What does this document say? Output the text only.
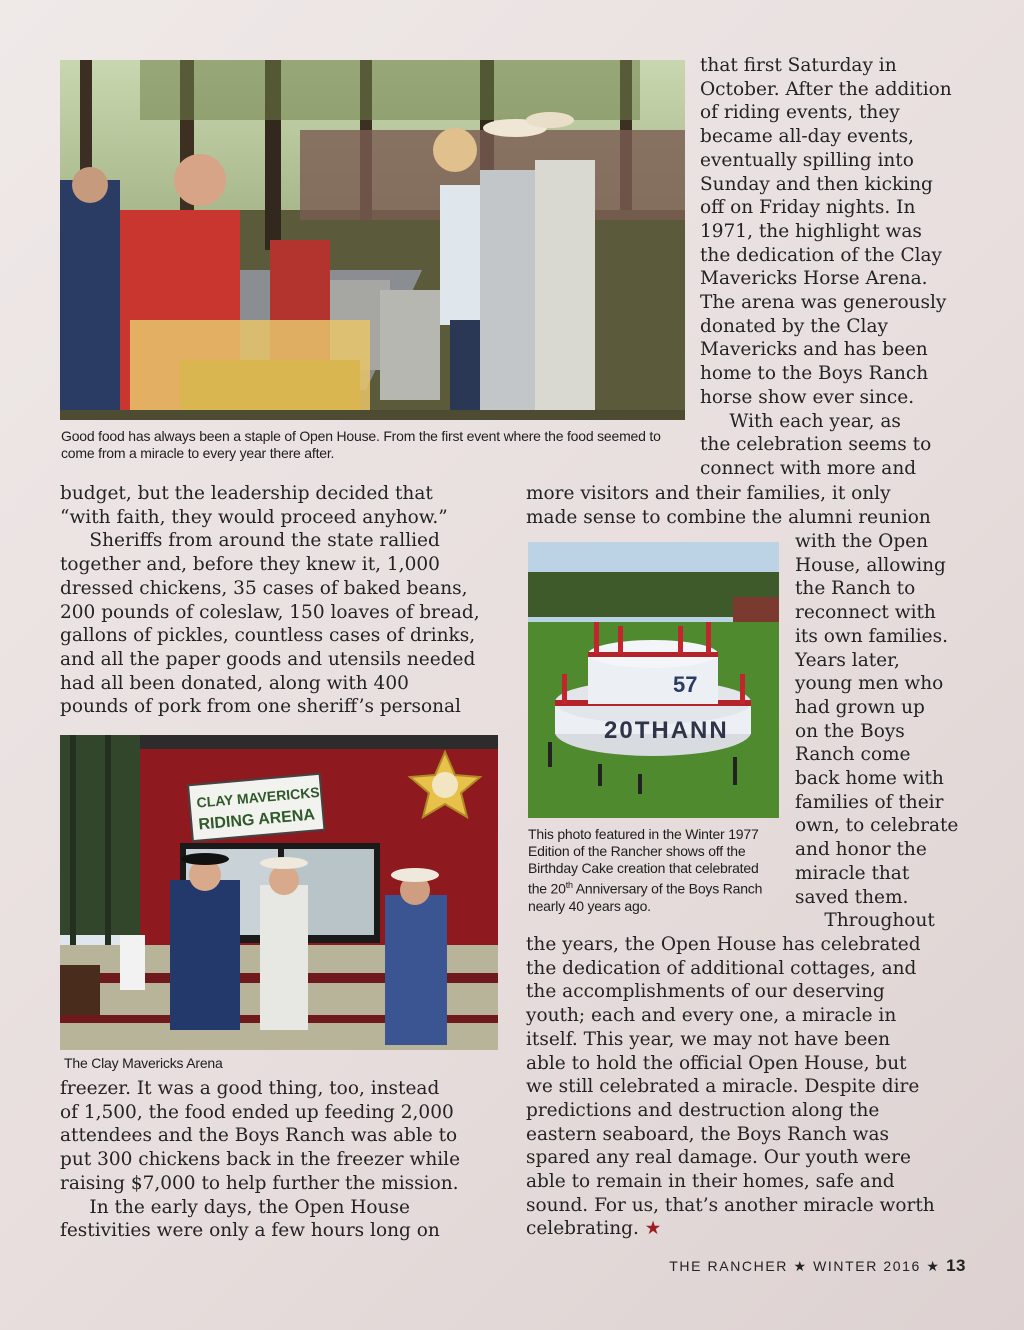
Good food has always been a staple of Open House. From the first event where the food seemed to
come from a miracle to every year there after.
that first Saturday in
October. After the addition
of riding events, they
became all-day events,
eventually spilling into
Sunday and then kicking
off on Friday nights. In
1971, the highlight was
the dedication of the Clay
Mavericks Horse Arena.
The arena was generously
donated by the Clay
Mavericks and has been
home to the Boys Ranch
horse show ever since.
With each year, as
the celebration seems to
connect with more and
budget, but the leadership decided that
“with faith, they would proceed anyhow.”
Sheriffs from around the state rallied
together and, before they knew it, 1,000
dressed chickens, 35 cases of baked beans,
200 pounds of coleslaw, 150 loaves of bread,
gallons of pickles, countless cases of drinks,
and all the paper goods and utensils needed
had all been donated, along with 400
pounds of pork from one sheriff’s personal
more visitors and their families, it only
made sense to combine the alumni reunion
57
20THANN
This photo featured in the Winter 1977
Edition of the Rancher shows off the
Birthday Cake creation that celebrated
the 20th Anniversary of the Boys Ranch
nearly 40 years ago.
with the Open
House, allowing
the Ranch to
reconnect with
its own families.
Years later,
young men who
had grown up
on the Boys
Ranch come
back home with
families of their
own, to celebrate
and honor the
miracle that
saved them.
Throughout
the years, the Open House has celebrated
the dedication of additional cottages, and
the accomplishments of our deserving
youth; each and every one, a miracle in
itself. This year, we may not have been
able to hold the official Open House, but
we still celebrated a miracle. Despite dire
predictions and destruction along the
eastern seaboard, the Boys Ranch was
spared any real damage. Our youth were
able to remain in their homes, safe and
sound. For us, that’s another miracle worth
celebrating. ★
CLAY MAVERICKS
RIDING ARENA
The Clay Mavericks Arena
freezer. It was a good thing, too, instead
of 1,500, the food ended up feeding 2,000
attendees and the Boys Ranch was able to
put 300 chickens back in the freezer while
raising $7,000 to help further the mission.
In the early days, the Open House
festivities were only a few hours long on
THE RANCHER ★ WINTER 2016 ★ 13
